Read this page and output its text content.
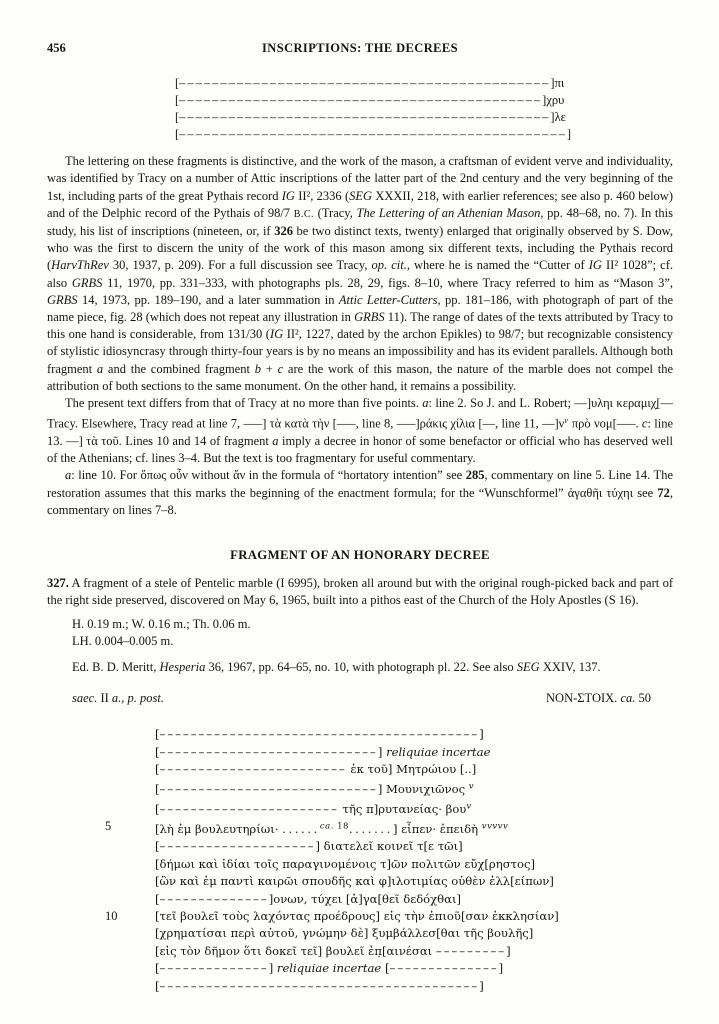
456	INSCRIPTIONS: THE DECREES
[–––––––––––––––––––––––––––––––––––––––––––––]πι
[––––––––––––––––––––––––––––––––––––––––––––]χρυ
[–––––––––––––––––––––––––––––––––––––––––––––]λε
[–––––––––––––––––––––––––––––––––––––––––––––––]

The lettering on these fragments is distinctive, and the work of the mason, a craftsman of evident verve and individuality, was identified by Tracy on a number of Attic inscriptions of the latter part of the 2nd century and the very beginning of the 1st, including parts of the great Pythais record IG II², 2336 (SEG XXXII, 218, with earlier references; see also p. 460 below) and of the Delphic record of the Pythais of 98/7 B.C. (Tracy, The Lettering of an Athenian Mason, pp. 48–68, no. 7). In this study, his list of inscriptions (nineteen, or, if 326 be two distinct texts, twenty) enlarged that originally observed by S. Dow, who was the first to discern the unity of the work of this mason among six different texts, including the Pythais record (HarvThRev 30, 1937, p. 209). For a full discussion see Tracy, op. cit., where he is named the “Cutter of IG II² 1028”; cf. also GRBS 11, 1970, pp. 331–333, with photographs pls. 28, 29, figs. 8–10, where Tracy referred to him as “Mason 3”, GRBS 14, 1973, pp. 189–190, and a later summation in Attic Letter-Cutters, pp. 181–186, with photograph of part of the name piece, fig. 28 (which does not repeat any illustration in GRBS 11). The range of dates of the texts attributed by Tracy to this one hand is considerable, from 131/30 (IG II², 1227, dated by the archon Epikles) to 98/7; but recognizable consistency of stylistic idiosyncrasy through thirty-four years is by no means an impossibility and has its evident parallels. Although both fragment a and the combined fragment b + c are the work of this mason, the nature of the marble does not compel the attribution of both sections to the same monument. On the other hand, it remains a possibility.

The present text differs from that of Tracy at no more than five points. a: line 2. So J. and L. Robert; ––]υληι κεραμιχ̣[–– Tracy. Elsewhere, Tracy read at line 7, –––] τὰ κατὰ τὴν [–––, line 8, –––]ράκις χίλια [––, line 11, $--]\nu^v$ πρὸ νομ[–––. c: line 13. ––] τὰ τοῦ. Lines 10 and 14 of fragment a imply a decree in honor of some benefactor or official who has deserved well of the Athenians; cf. lines 3–4. But the text is too fragmentary for useful commentary.

a: line 10. For ὅπως οὖν without ἄν in the formula of “hortatory intention” see 285, commentary on line 5. Line 14. The restoration assumes that this marks the beginning of the enactment formula; for the “Wunschformel” ἀγαθῆι τύχηι see 72, commentary on lines 7–8.

FRAGMENT OF AN HONORARY DECREE

327. A fragment of a stele of Pentelic marble (I 6995), broken all around but with the original rough-picked back and part of the right side preserved, discovered on May 6, 1965, built into a pithos east of the Church of the Holy Apostles (S 16).

H. 0.19 m.; W. 0.16 m.; Th. 0.06 m.

LH. 0.004–0.005 m.

Ed. B. D. Meritt, Hesperia 36, 1967, pp. 64–65, no. 10, with photograph pl. 22. See also SEG XXIV, 137.

saec. II a., p. post.	NON-ΣΤΟΙΧ. ca. 50
[–––––––––––––––––––––––––––––––––––––––––]
[––––––––––––––––––––––––––––] reliquiae incertae
[–––––––––––––––––––––––– ἐκ τοῦ] Μητρώιου [..]
[––––––––––––––––––––––––––––] Μουνιχιῶνος $^v$
[––––––––––––––––––––––– τῆς π]ρυτανείας· βου$^v$
5	[λὴ ἐμ βουλευτηρίωι· ......$^{ca.}$ $^{18}$.......] εἶπεν· ἐπειδὴ $^{vvvvv}$
[––––––––––––––––––––] διατελεῖ κοινεῖ τ[ε τῶι]
[δήμωι καὶ ἰδίαι τοῖς παραγινομένοις τ]ῶν πολιτῶν εὔχ[ρηστος]
[ὢν καὶ ἐμ παντὶ καιρῶι σπουδῆς καὶ φ]ιλοτιμίας οὐθὲν ἐλλ[είπων]
[––––––––––––––]ονων, τύχει [ἀ]γα[θεῖ δεδόχθαι]
10	[τεῖ βουλεῖ τοὺς λαχόντας προέδρους] εἰς τὴν ἐπιοῦ[σαν ἐκκλησίαν]
[χρηματίσαι περὶ αὐτοῦ, γνώμην δὲ] ξυμβάλλεσ[θαι τῆς βουλῆς]
[εἰς τὸν δῆμον ὅτι δοκεῖ τεῖ] βουλεῖ ἐπ̣[αινέσαι –––––––––]
[––––––––––––––] reliquiae incertae [––––––––––––––]
[–––––––––––––––––––––––––––––––––––––––––]
